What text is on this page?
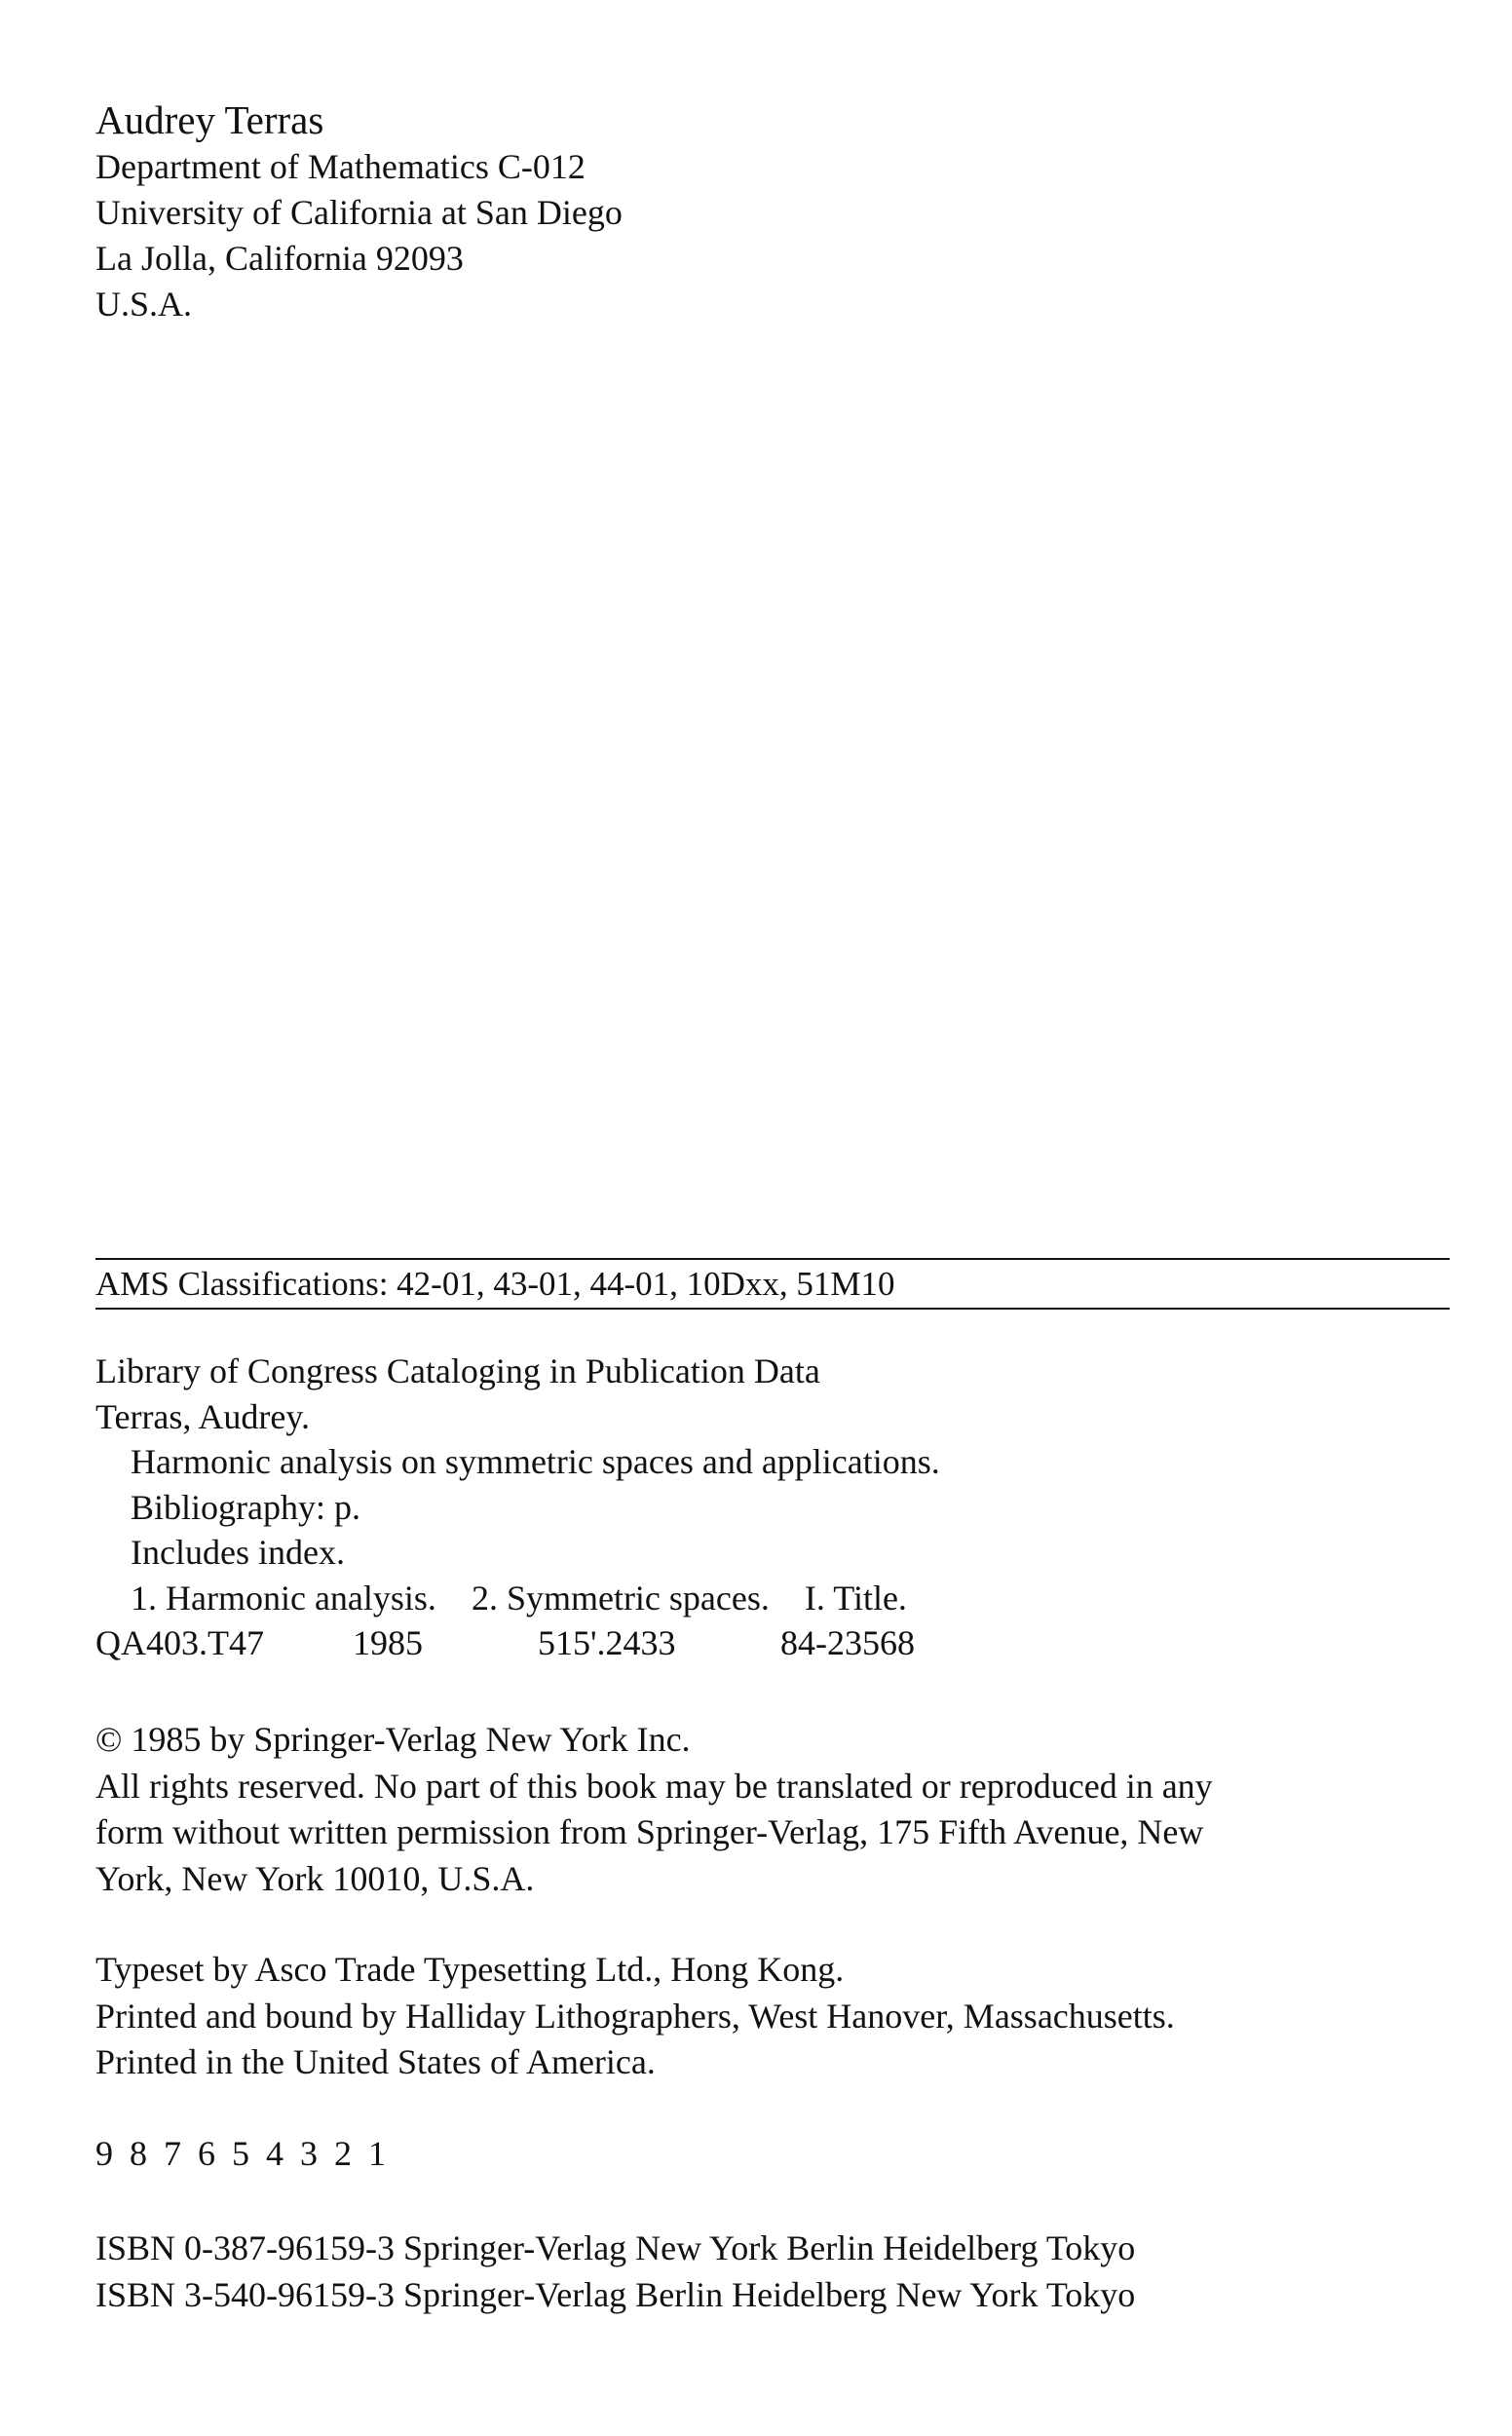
Audrey Terras
Department of Mathematics C-012
University of California at San Diego
La Jolla, California 92093
U.S.A.
AMS Classifications: 42-01, 43-01, 44-01, 10Dxx, 51M10
Library of Congress Cataloging in Publication Data
Terras, Audrey.
Harmonic analysis on symmetric spaces and applications.
Bibliography: p.
Includes index.
1. Harmonic analysis. 2. Symmetric spaces. I. Title.
QA403.T47	1985	515'.2433	84-23568
© 1985 by Springer-Verlag New York Inc.
All rights reserved. No part of this book may be translated or reproduced in any
form without written permission from Springer-Verlag, 175 Fifth Avenue, New
York, New York 10010, U.S.A.
Typeset by Asco Trade Typesetting Ltd., Hong Kong.
Printed and bound by Halliday Lithographers, West Hanover, Massachusetts.
Printed in the United States of America.
9 8 7 6 5 4 3 2 1
ISBN 0-387-96159-3 Springer-Verlag New York Berlin Heidelberg Tokyo
ISBN 3-540-96159-3 Springer-Verlag Berlin Heidelberg New York Tokyo
